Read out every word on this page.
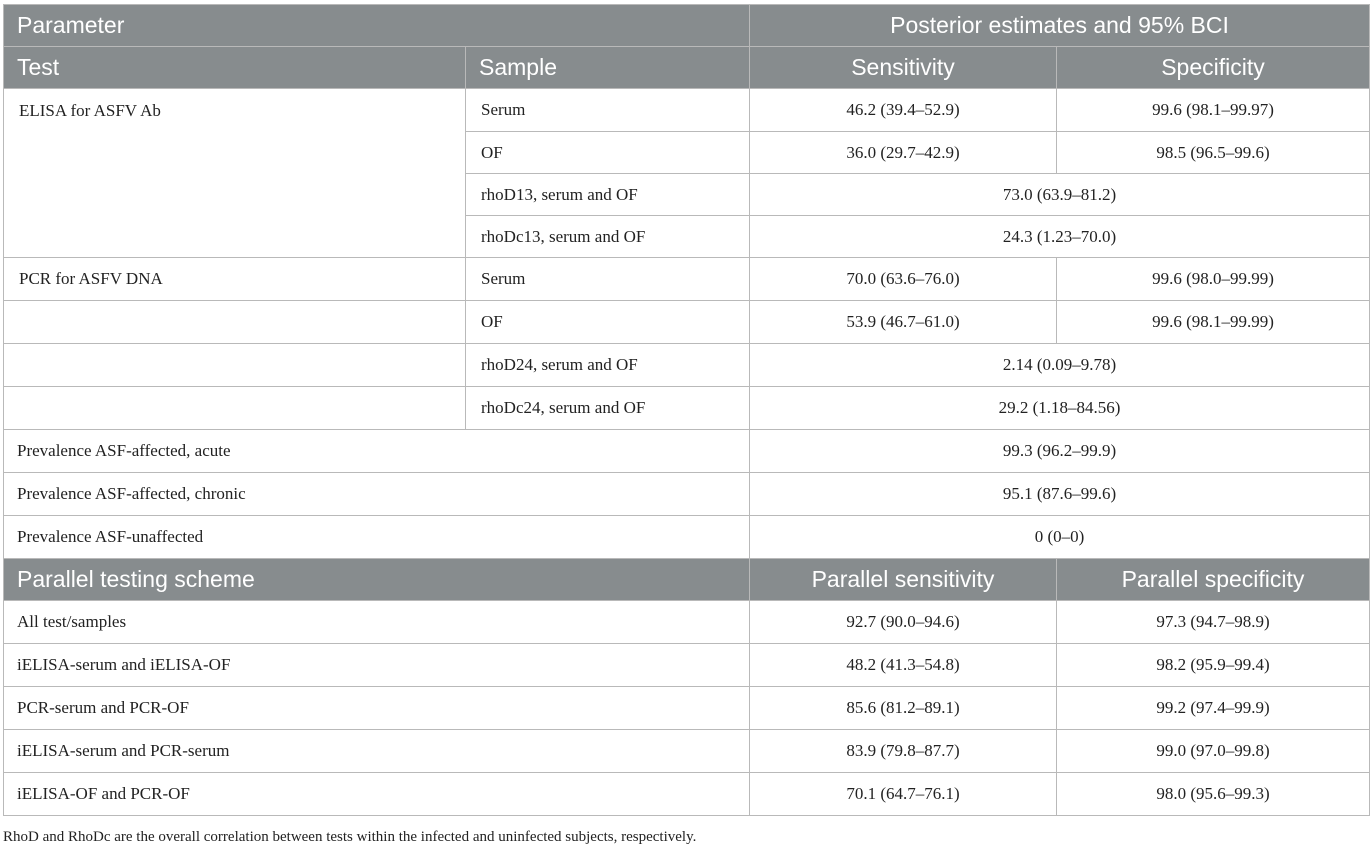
Parameter		Posterior estimates and 95% BCI	
Test	Sample	Sensitivity	Specificity
ELISA for ASFV Ab	Serum	46.2 (39.4–52.9)	99.6 (98.1–99.97)
	OF	36.0 (29.7–42.9)	98.5 (96.5–99.6)
	rhoD13, serum and OF	73.0 (63.9–81.2)	
	rhoDc13, serum and OF	24.3 (1.23–70.0)	
PCR for ASFV DNA	Serum	70.0 (63.6–76.0)	99.6 (98.0–99.99)
	OF	53.9 (46.7–61.0)	99.6 (98.1–99.99)
	rhoD24, serum and OF	2.14 (0.09–9.78)	
	rhoDc24, serum and OF	29.2 (1.18–84.56)	
Prevalence ASF-affected, acute		99.3 (96.2–99.9)	
Prevalence ASF-affected, chronic		95.1 (87.6–99.6)	
Prevalence ASF-unaffected		0 (0–0)	
Parallel testing scheme		Parallel sensitivity	Parallel specificity
All test/samples		92.7 (90.0–94.6)	97.3 (94.7–98.9)
iELISA-serum and iELISA-OF		48.2 (41.3–54.8)	98.2 (95.9–99.4)
PCR-serum and PCR-OF		85.6 (81.2–89.1)	99.2 (97.4–99.9)
iELISA-serum and PCR-serum		83.9 (79.8–87.7)	99.0 (97.0–99.8)
iELISA-OF and PCR-OF		70.1 (64.7–76.1)	98.0 (95.6–99.3)
RhoD and RhoDc are the overall correlation between tests within the infected and uninfected subjects, respectively.
